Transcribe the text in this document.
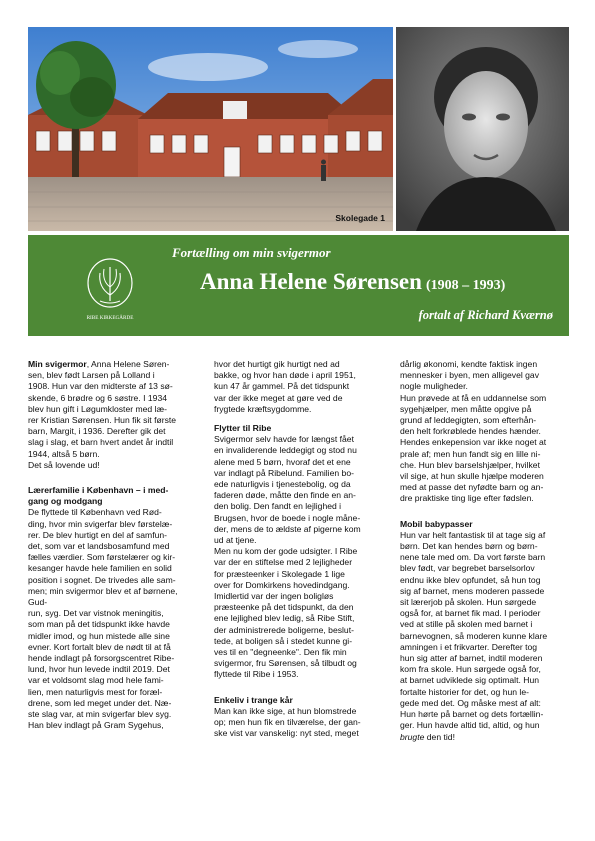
Skolegade 1
RIBE KIRKEGÅRDE
Fortælling om min svigermor
Anna Helene Sørensen (1908 – 1993)
fortalt af Richard Kværnø

Min svigermor, Anna Helene Søren-

sen, blev født Larsen på Lolland i

1908. Hun var den midterste af 13 sø-

skende, 6 brødre og 6 søstre. I 1934

blev hun gift i Løgumkloster med læ-

rer Kristian Sørensen. Hun fik sit første

barn, Margit, i 1936. Derefter gik det

slag i slag, et barn hvert andet år indtil

1944, altså 5 børn.

Det så lovende ud!

Lærerfamilie i København – i med-
gang og modgang

De flyttede til København ved Rød-

ding, hvor min svigerfar blev førstelæ-

rer. De blev hurtigt en del af samfun-

det, som var et landsbosamfund med

fælles værdier. Som førstelærer og kir-

kesanger havde hele familien en solid

position i sognet. De trivedes alle sam-

men; min svigermor blev et af børnene, Gud-

run, syg. Det var vistnok meningitis,

som man på det tidspunkt ikke havde

midler imod, og hun mistede alle sine

evner. Kort fortalt blev de nødt til at få

hende indlagt på forsorgscentret Ribe-

lund, hvor hun levede indtil 2019. Det

var et voldsomt slag mod hele fami-

lien, men naturligvis mest for foræl-

drene, som led meget under det. Næ-

ste slag var, at min svigerfar blev syg.

Han blev indlagt på Gram Sygehus,

hvor det hurtigt gik hurtigt ned ad

bakke, og hvor han døde i april 1951,

kun 47 år gammel. På det tidspunkt

var der ikke meget at gøre ved de

frygtede kræftsygdomme.

Flytter til Ribe

Svigermor selv havde for længst fået

en invaliderende leddegigt og stod nu

alene med 5 børn, hvoraf det et ene

var indlagt på Ribelund. Familien bo-

ede naturligvis i tjenestebolig, og da

faderen døde, måtte den finde en an-

den bolig. Den fandt en lejlighed i

Brugsen, hvor de boede i nogle måne-

der, mens de to ældste af pigerne kom

ud at tjene.

Men nu kom der gode udsigter. I Ribe

var der en stiftelse med 2 lejligheder

for præsteenker i Skolegade 1 lige

over for Domkirkens hovedindgang.

Imidlertid var der ingen boligløs

præsteenke på det tidspunkt, da den

ene lejlighed blev ledig, så Ribe Stift,

der administrerede boligerne, beslut-

tede, at boligen så i stedet kunne gi-

ves til en "degneenke". Den fik min

svigermor, fru Sørensen, så tilbudt og

flyttede til Ribe i 1953.

Enkeliv i trange kår

Man kan ikke sige, at hun blomstrede

op; men hun fik en tilværelse, der gan-

ske vist var vanskelig: nyt sted, meget

dårlig økonomi, kendte faktisk ingen

mennesker i byen, men alligevel gav

nogle muligheder.

Hun prøvede at få en uddannelse som

sygehjælper, men måtte opgive på

grund af leddegigten, som efterhån-

den helt forkrøblede hendes hænder.

Hendes enkepension var ikke noget at

prale af; men hun fandt sig en lille ni-

che. Hun blev barselshjælper, hvilket

vil sige, at hun skulle hjælpe moderen

med at passe det nyfødte barn og an-

dre praktiske ting lige efter fødslen.

Mobil babypasser

Hun var helt fantastisk til at tage sig af

børn. Det kan hendes børn og børn-

nene tale med om. Da vort første barn

blev født, var begrebet barselsorlov

endnu ikke blev opfundet, så hun tog

sig af barnet, mens moderen passede

sit lærerjob på skolen. Hun sørgede

også for, at barnet fik mad. I perioder

ved at stille på skolen med barnet i

barnevognen, så moderen kunne klare

amningen i et frikvarter. Derefter tog

hun sig atter af barnet, indtil moderen

kom fra skole. Hun sørgede også for,

at barnet udviklede sig optimalt. Hun

fortalte historier for det, og hun le-

gede med det. Og måske mest af alt:

Hun hørte på barnet og dets fortællin-

ger. Hun havde altid tid, altid, og hun

brugte den tid!
